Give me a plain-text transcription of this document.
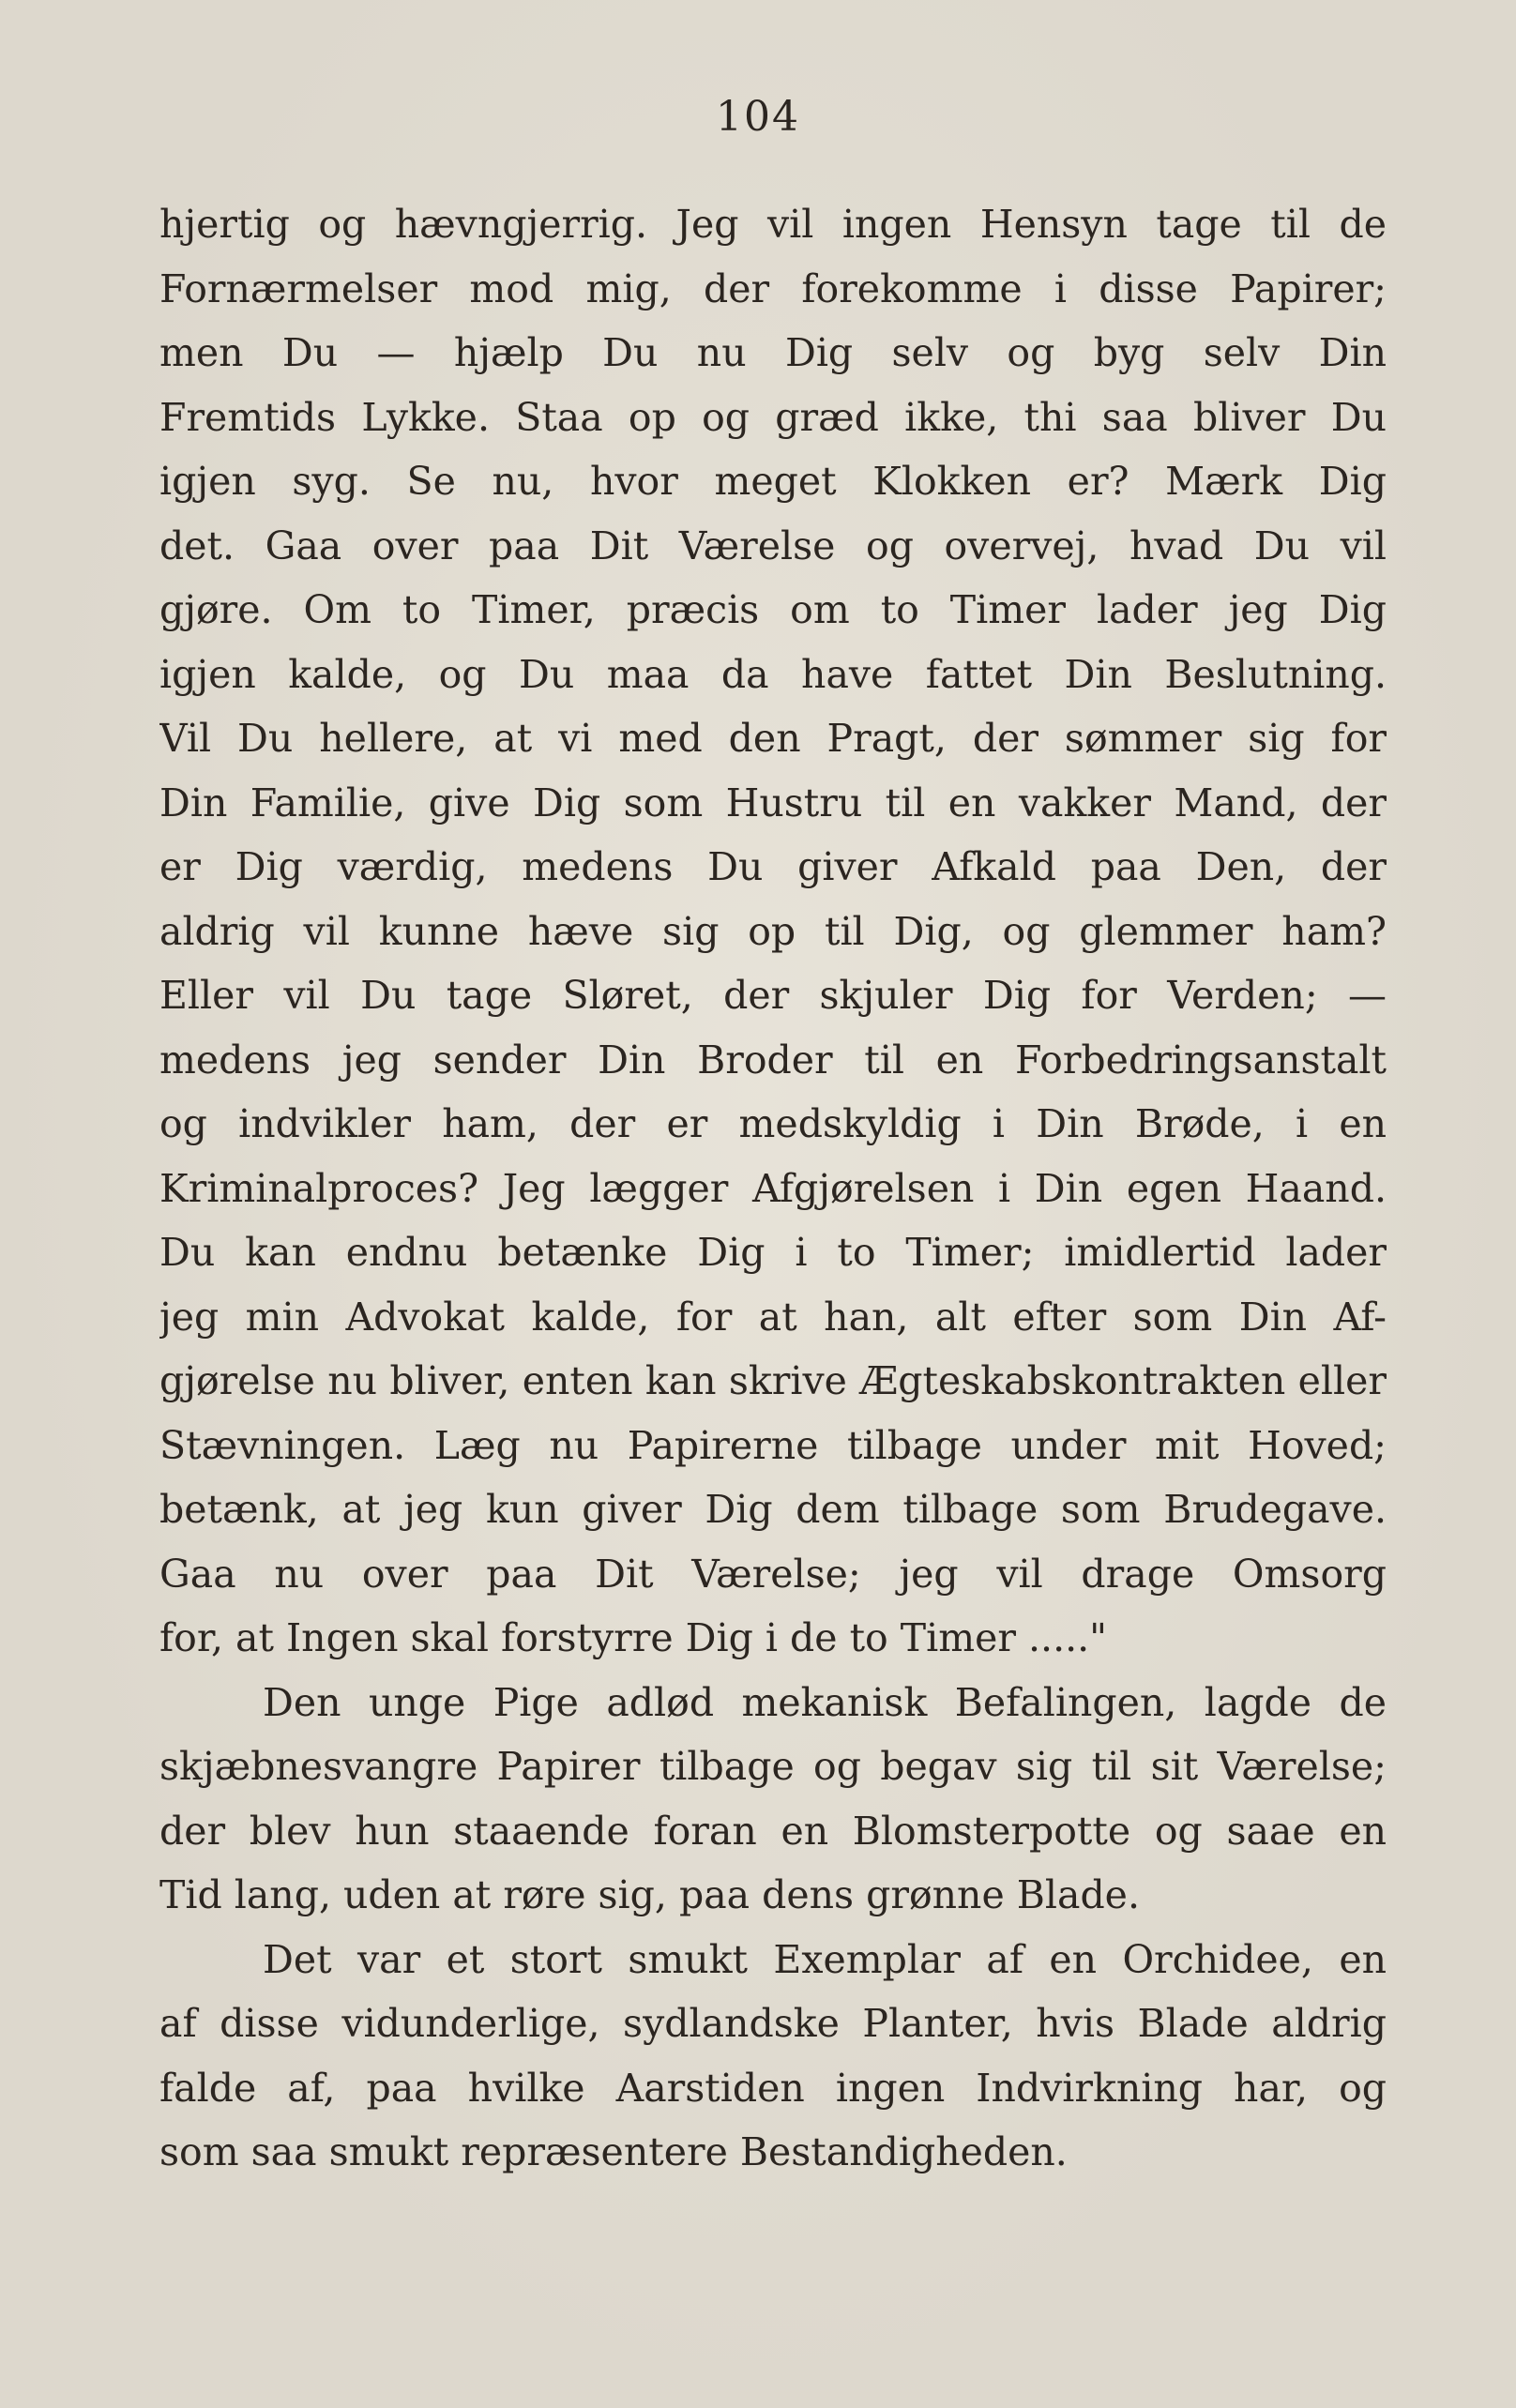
104
hjertig og hævngjerrig. Jeg vil ingen Hensyn tage til de
Fornærmelser mod mig, der forekomme i disse Papirer;
men Du — hjælp Du nu Dig selv og byg selv Din
Fremtids Lykke. Staa op og græd ikke, thi saa bliver Du
igjen syg. Se nu, hvor meget Klokken er? Mærk Dig
det. Gaa over paa Dit Værelse og overvej, hvad Du vil
gjøre. Om to Timer, præcis om to Timer lader jeg Dig
igjen kalde, og Du maa da have fattet Din Beslutning.
Vil Du hellere, at vi med den Pragt, der sømmer sig for
Din Familie, give Dig som Hustru til en vakker Mand, der
er Dig værdig, medens Du giver Afkald paa Den, der
aldrig vil kunne hæve sig op til Dig, og glemmer ham?
Eller vil Du tage Sløret, der skjuler Dig for Verden; —
medens jeg sender Din Broder til en Forbedringsanstalt
og indvikler ham, der er medskyldig i Din Brøde, i en
Kriminalproces? Jeg lægger Afgjørelsen i Din egen Haand.
Du kan endnu betænke Dig i to Timer; imidlertid lader
jeg min Advokat kalde, for at han, alt efter som Din Af-
gjørelse nu bliver, enten kan skrive Ægteskabskontrakten eller
Stævningen. Læg nu Papirerne tilbage under mit Hoved;
betænk, at jeg kun giver Dig dem tilbage som Brudegave.
Gaa nu over paa Dit Værelse; jeg vil drage Omsorg
for, at Ingen skal forstyrre Dig i de to Timer ....."
Den unge Pige adlød mekanisk Befalingen, lagde de
skjæbnesvangre Papirer tilbage og begav sig til sit Værelse;
der blev hun staaende foran en Blomsterpotte og saae en
Tid lang, uden at røre sig, paa dens grønne Blade.
Det var et stort smukt Exemplar af en Orchidee, en
af disse vidunderlige, sydlandske Planter, hvis Blade aldrig
falde af, paa hvilke Aarstiden ingen Indvirkning har, og
som saa smukt repræsentere Bestandigheden.
